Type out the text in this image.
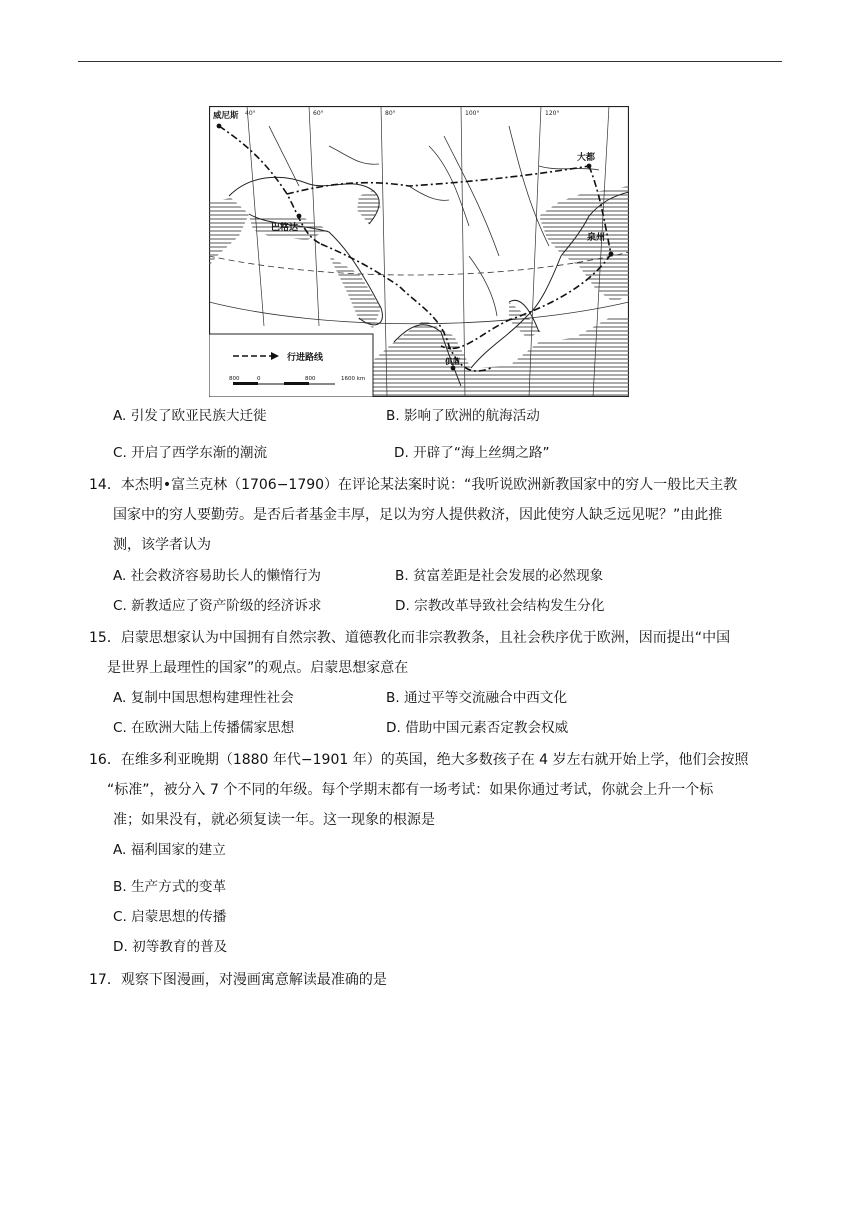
威尼斯
巴格达
大都
泉州
俱蓝
40°	60°	80°	100°	120°
行进路线
800	0	800	1600 km
A. 引发了欧亚民族大迁徙	B. 影响了欧洲的航海活动
C. 开启了西学东渐的潮流	D. 开辟了“海上丝绸之路”
14．本杰明•富兰克林（1706−1790）在评论某法案时说：“我听说欧洲新教国家中的穷人一般比天主教
国家中的穷人要勤劳。是否后者基金丰厚，足以为穷人提供救济，因此使穷人缺乏远见呢？”由此推
测，该学者认为
A. 社会救济容易助长人的懒惰行为	B. 贫富差距是社会发展的必然现象
C. 新教适应了资产阶级的经济诉求	D. 宗教改革导致社会结构发生分化
15．启蒙思想家认为中国拥有自然宗教、道德教化而非宗教教条，且社会秩序优于欧洲，因而提出“中国
是世界上最理性的国家”的观点。启蒙思想家意在
A. 复制中国思想构建理性社会	B. 通过平等交流融合中西文化
C. 在欧洲大陆上传播儒家思想	D. 借助中国元素否定教会权威
16．在维多利亚晚期（1880 年代−1901 年）的英国，绝大多数孩子在 4 岁左右就开始上学，他们会按照
“标准”，被分入 7 个不同的年级。每个学期末都有一场考试：如果你通过考试，你就会上升一个标
准；如果没有，就必须复读一年。这一现象的根源是
A. 福利国家的建立
B. 生产方式的变革
C. 启蒙思想的传播
D. 初等教育的普及
17．观察下图漫画，对漫画寓意解读最准确的是
